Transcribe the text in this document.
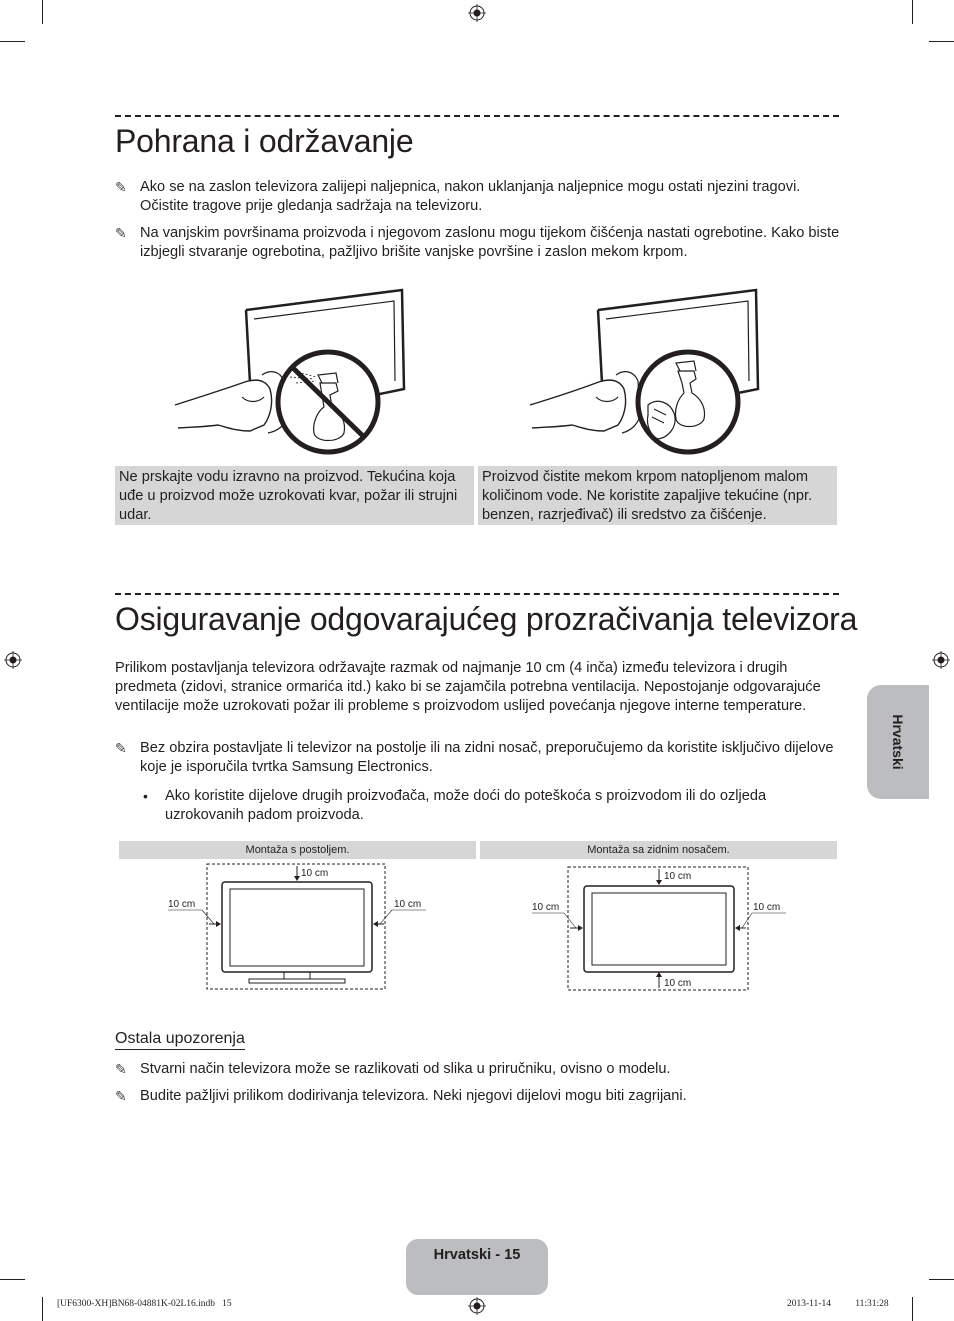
Pohrana i održavanje
✎ Ako se na zaslon televizora zalijepi naljepnica, nakon uklanjanja naljepnice mogu ostati njezini tragovi. Očistite tragove prije gledanja sadržaja na televizoru.
✎ Na vanjskim površinama proizvoda i njegovom zaslonu mogu tijekom čišćenja nastati ogrebotine. Kako biste izbjegli stvaranje ogrebotina, pažljivo brišite vanjske površine i zaslon mekom krpom.
Ne prskajte vodu izravno na proizvod. Tekućina koja uđe u proizvod može uzrokovati kvar, požar ili strujni udar.
Proizvod čistite mekom krpom natopljenom malom količinom vode. Ne koristite zapaljive tekućine (npr. benzen, razrjeđivač) ili sredstvo za čišćenje.
Osiguravanje odgovarajućeg prozračivanja televizora
Prilikom postavljanja televizora održavajte razmak od najmanje 10 cm (4 inča) između televizora i drugih predmeta (zidovi, stranice ormarića itd.) kako bi se zajamčila potrebna ventilacija. Nepostojanje odgovarajuće ventilacije može uzrokovati požar ili probleme s proizvodom uslijed povećanja njegove interne temperature.
✎ Bez obzira postavljate li televizor na postolje ili na zidni nosač, preporučujemo da koristite isključivo dijelove koje je isporučila tvrtka Samsung Electronics.
• Ako koristite dijelove drugih proizvođača, može doći do poteškoća s proizvodom ili do ozljeda uzrokovanih padom proizvoda.
Montaža s postoljem.	Montaža sa zidnim nosačem.
10 cm
10 cm	10 cm
10 cm
10 cm
10 cm	10 cm
Ostala upozorenja
✎ Stvarni način televizora može se razlikovati od slika u priručniku, ovisno o modelu.
✎ Budite pažljivi prilikom dodirivanja televizora. Neki njegovi dijelovi mogu biti zagrijani.
Hrvatski
Hrvatski - 15
[UF6300-XH]BN68-04881K-02L16.indb   15	2013-11-14   ￿￿ 11:31:28
